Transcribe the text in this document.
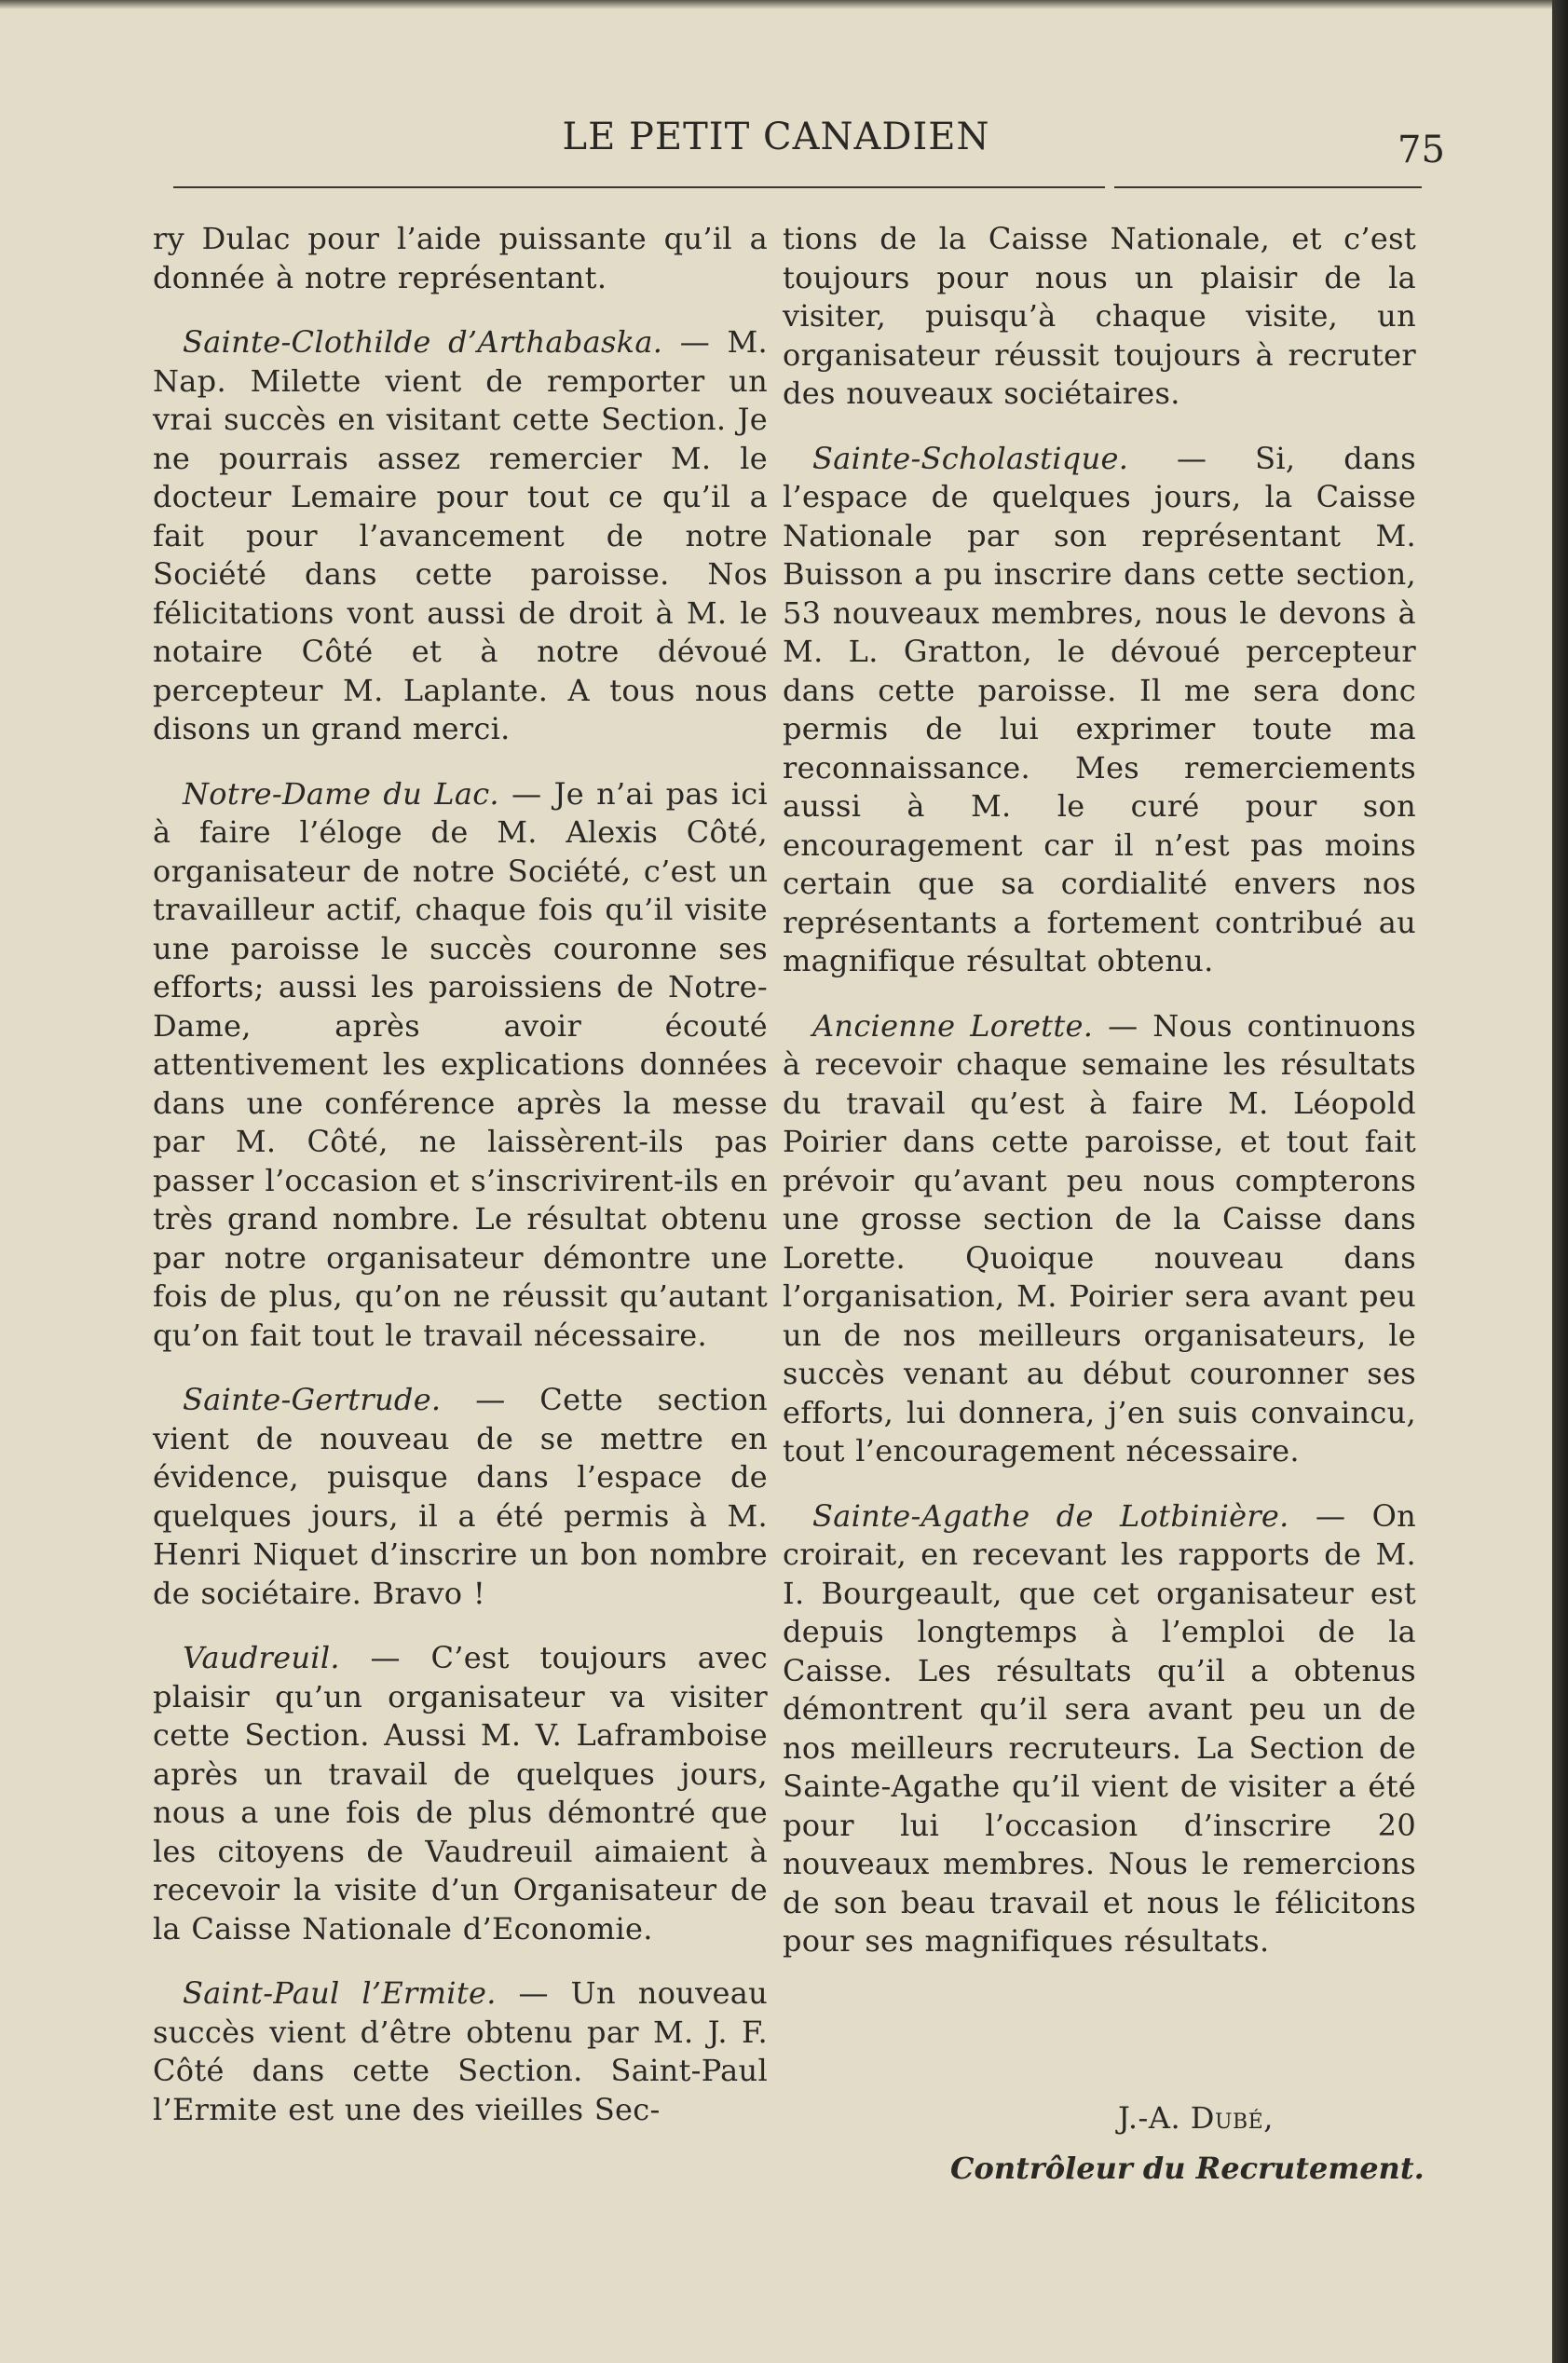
LE PETIT CANADIEN	75

ry Dulac pour l’aide puissante qu’il a donnée à notre représentant.

Sainte-Clothilde d’Arthabaska. — M. Nap. Milette vient de remporter un vrai succès en visitant cette Section. Je ne pourrais assez remercier M. le docteur Lemaire pour tout ce qu’il a fait pour l’avancement de notre Société dans cette paroisse. Nos félicitations vont aussi de droit à M. le notaire Côté et à notre dévoué percepteur M. Laplante. A tous nous disons un grand merci.

Notre-Dame du Lac. — Je n’ai pas ici à faire l’éloge de M. Alexis Côté, organisateur de notre Société, c’est un travailleur actif, chaque fois qu’il visite une paroisse le succès couronne ses efforts; aussi les paroissiens de Notre-Dame, après avoir écouté attentivement les explications données dans une conférence après la messe par M. Côté, ne laissèrent-ils pas passer l’occasion et s’inscrivirent-ils en très grand nombre. Le résultat obtenu par notre organisateur démontre une fois de plus, qu’on ne réussit qu’autant qu’on fait tout le travail nécessaire.

Sainte-Gertrude. — Cette section vient de nouveau de se mettre en évidence, puisque dans l’espace de quelques jours, il a été permis à M. Henri Niquet d’inscrire un bon nombre de sociétaire. Bravo !

Vaudreuil. — C’est toujours avec plaisir qu’un organisateur va visiter cette Section. Aussi M. V. Laframboise après un travail de quelques jours, nous a une fois de plus démontré que les citoyens de Vaudreuil aimaient à recevoir la visite d’un Organisateur de la Caisse Nationale d’Economie.

Saint-Paul l’Ermite. — Un nouveau succès vient d’être obtenu par M. J. F. Côté dans cette Section. Saint-Paul l’Ermite est une des vieilles Sec-

tions de la Caisse Nationale, et c’est toujours pour nous un plaisir de la visiter, puisqu’à chaque visite, un organisateur réussit toujours à recruter des nouveaux sociétaires.

Sainte-Scholastique. — Si, dans l’espace de quelques jours, la Caisse Nationale par son représentant M. Buisson a pu inscrire dans cette section, 53 nouveaux membres, nous le devons à M. L. Gratton, le dévoué percepteur dans cette paroisse. Il me sera donc permis de lui exprimer toute ma reconnaissance. Mes remerciements aussi à M. le curé pour son encouragement car il n’est pas moins certain que sa cordialité envers nos représentants a fortement contribué au magnifique résultat obtenu.

Ancienne Lorette. — Nous continuons à recevoir chaque semaine les résultats du travail qu’est à faire M. Léopold Poirier dans cette paroisse, et tout fait prévoir qu’avant peu nous compterons une grosse section de la Caisse dans Lorette. Quoique nouveau dans l’organisation, M. Poirier sera avant peu un de nos meilleurs organisateurs, le succès venant au début couronner ses efforts, lui donnera, j’en suis convaincu, tout l’encouragement nécessaire.

Sainte-Agathe de Lotbinière. — On croirait, en recevant les rapports de M. I. Bourgeault, que cet organisateur est depuis longtemps à l’emploi de la Caisse. Les résultats qu’il a obtenus démontrent qu’il sera avant peu un de nos meilleurs recruteurs. La Section de Sainte-Agathe qu’il vient de visiter a été pour lui l’occasion d’inscrire 20 nouveaux membres. Nous le remercions de son beau travail et nous le félicitons pour ses magnifiques résultats.

J.-A. Dubé,
Contrôleur du Recrutement.
